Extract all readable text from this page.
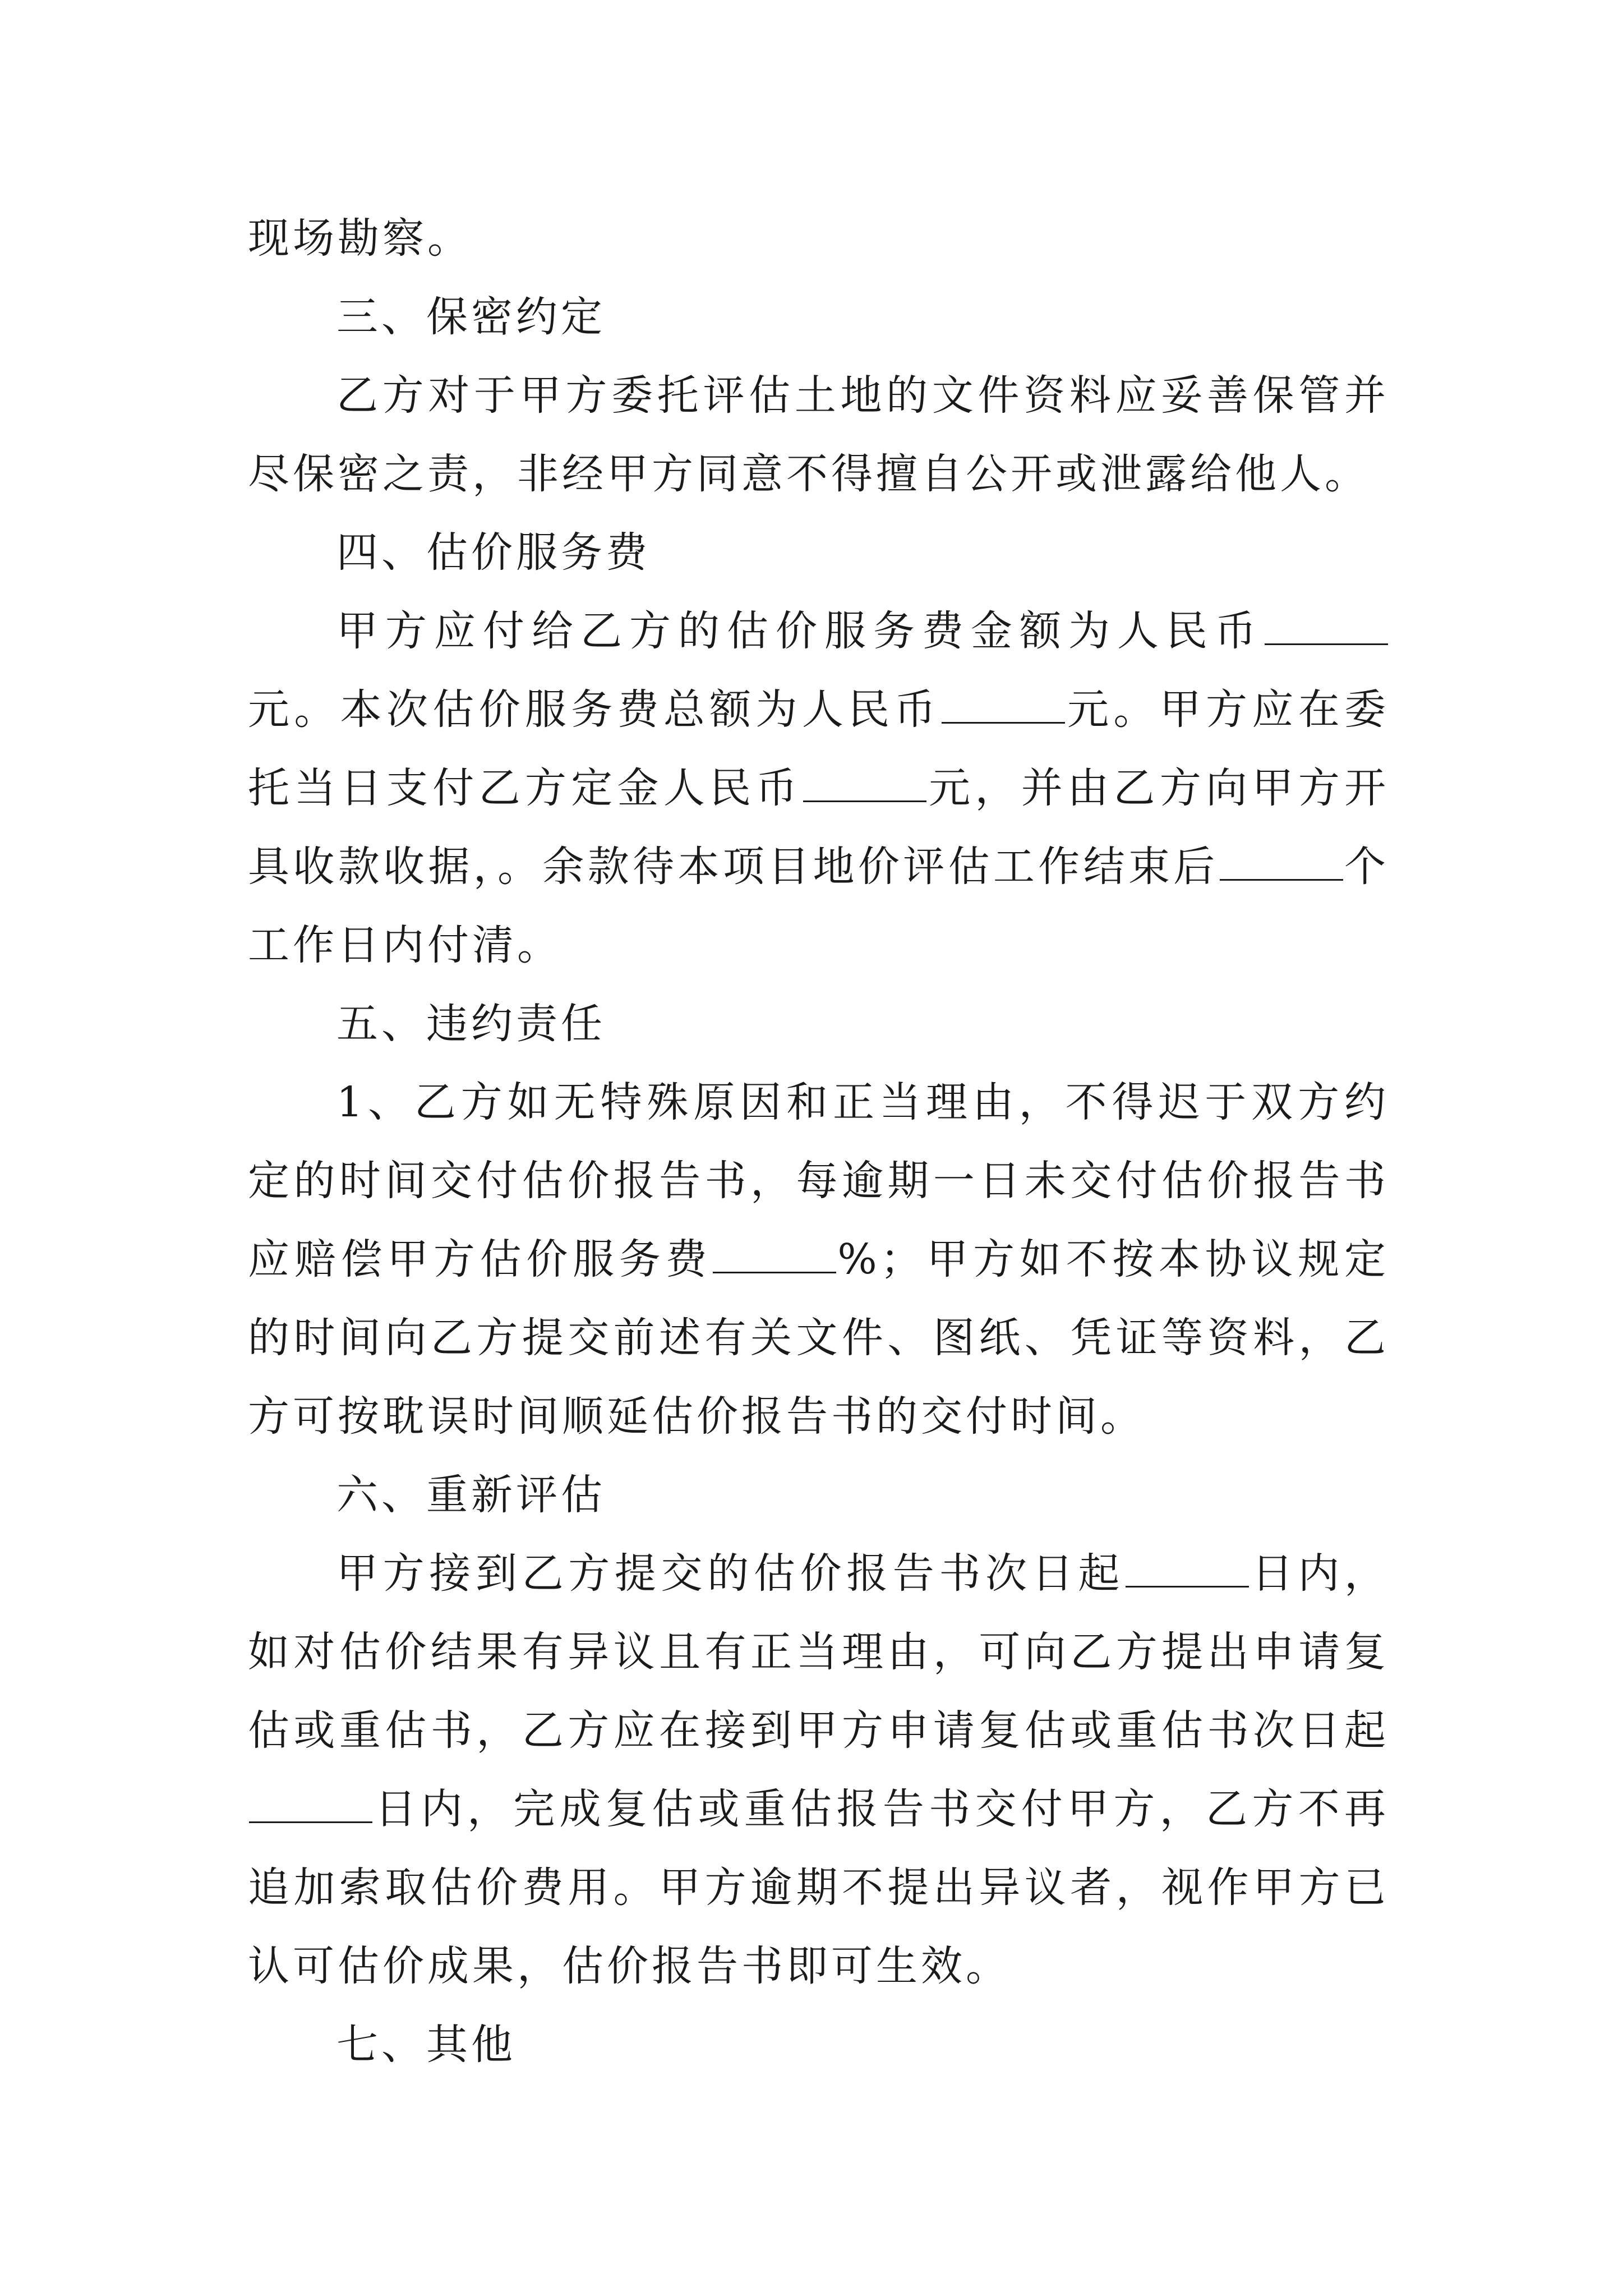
现场勘察。

三、保密约定

乙方对于甲方委托评估土地的文件资料应妥善保管并尽保密之责，非经甲方同意不得擅自公开或泄露给他人。

四、估价服务费

甲方应付给乙方的估价服务费金额为人民币元。本次估价服务费总额为人民币	元。甲方应在委托当日支付乙方定金人民币	元，并由乙方向甲方开具收款收据，。余款待本项目地价评估工作结束后	个工作日内付清。

五、违约责任

1、乙方如无特殊原因和正当理由，不得迟于双方约定的时间交付估价报告书，每逾期一日未交付估价报告书应赔偿甲方估价服务费	%；甲方如不按本协议规定的时间向乙方提交前述有关文件、图纸、凭证等资料，乙方可按耽误时间顺延估价报告书的交付时间。

六、重新评估

甲方接到乙方提交的估价报告书次日起	日内，如对估价结果有异议且有正当理由，可向乙方提出申请复估或重估书，乙方应在接到甲方申请复估或重估书次日起日内，完成复估或重估报告书交付甲方，乙方不再追加索取估价费用。甲方逾期不提出异议者，视作甲方已认可估价成果，估价报告书即可生效。

七、其他
